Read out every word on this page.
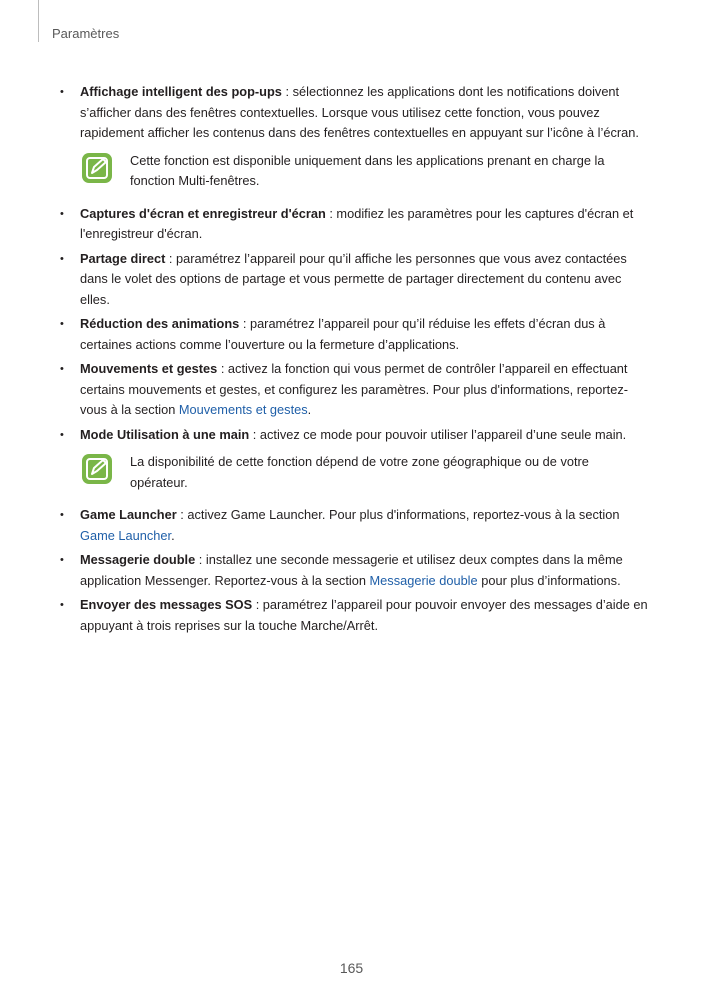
Paramètres
• Affichage intelligent des pop-ups : sélectionnez les applications dont les notifications doivent s’afficher dans des fenêtres contextuelles. Lorsque vous utilisez cette fonction, vous pouvez rapidement afficher les contenus dans des fenêtres contextuelles en appuyant sur l’icône à l’écran.
Cette fonction est disponible uniquement dans les applications prenant en charge la fonction Multi-fenêtres.
• Captures d'écran et enregistreur d'écran : modifiez les paramètres pour les captures d'écran et l'enregistreur d'écran.
• Partage direct : paramétrez l’appareil pour qu’il affiche les personnes que vous avez contactées dans le volet des options de partage et vous permette de partager directement du contenu avec elles.
• Réduction des animations : paramétrez l’appareil pour qu’il réduise les effets d’écran dus à certaines actions comme l’ouverture ou la fermeture d’applications.
• Mouvements et gestes : activez la fonction qui vous permet de contrôler l’appareil en effectuant certains mouvements et gestes, et configurez les paramètres. Pour plus d'informations, reportez-vous à la section Mouvements et gestes.
• Mode Utilisation à une main : activez ce mode pour pouvoir utiliser l’appareil d’une seule main.
La disponibilité de cette fonction dépend de votre zone géographique ou de votre opérateur.
• Game Launcher : activez Game Launcher. Pour plus d'informations, reportez-vous à la section Game Launcher.
• Messagerie double : installez une seconde messagerie et utilisez deux comptes dans la même application Messenger. Reportez-vous à la section Messagerie double pour plus d’informations.
• Envoyer des messages SOS : paramétrez l’appareil pour pouvoir envoyer des messages d’aide en appuyant à trois reprises sur la touche Marche/Arrêt.
165
